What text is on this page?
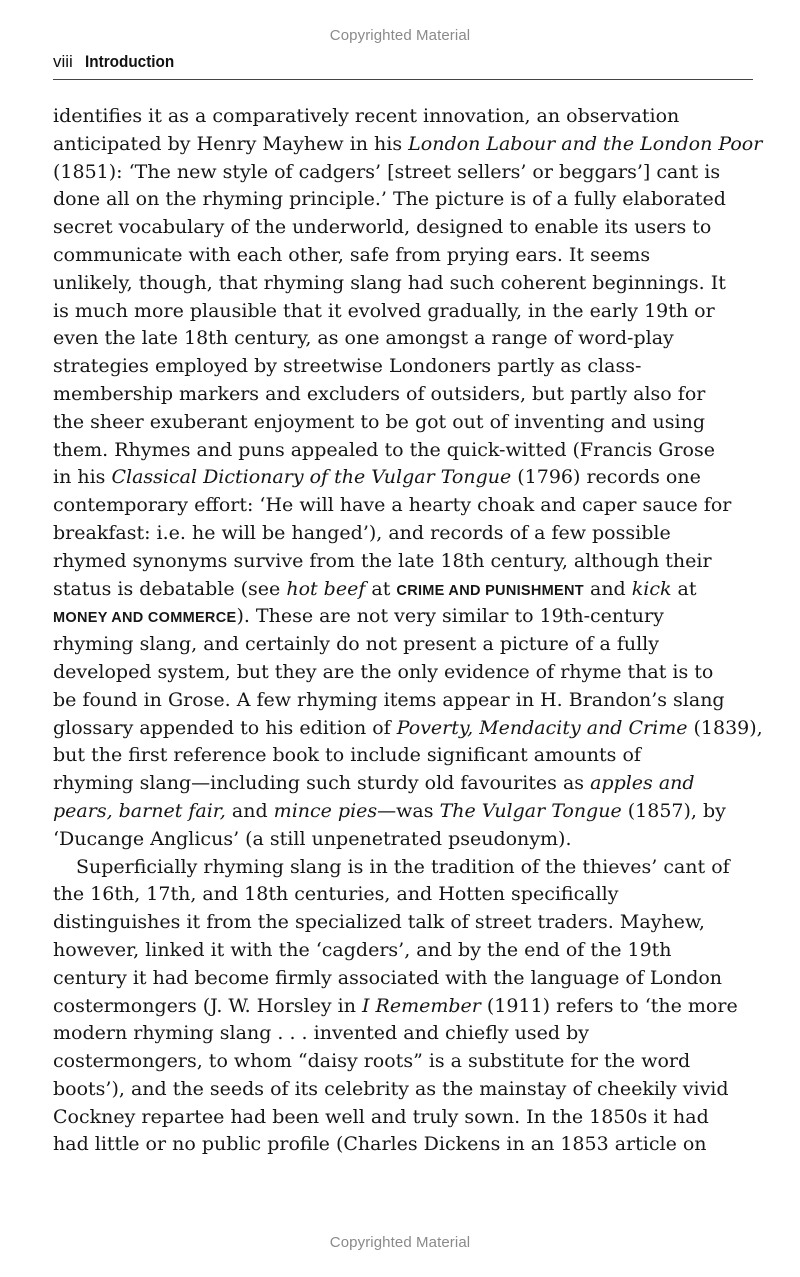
Copyrighted Material
viii Introduction
identifies it as a comparatively recent innovation, an observation
anticipated by Henry Mayhew in his London Labour and the London Poor
(1851): ‘The new style of cadgers’ [street sellers’ or beggars’] cant is
done all on the rhyming principle.’ The picture is of a fully elaborated
secret vocabulary of the underworld, designed to enable its users to
communicate with each other, safe from prying ears. It seems
unlikely, though, that rhyming slang had such coherent beginnings. It
is much more plausible that it evolved gradually, in the early 19th or
even the late 18th century, as one amongst a range of word-play
strategies employed by streetwise Londoners partly as class-
membership markers and excluders of outsiders, but partly also for
the sheer exuberant enjoyment to be got out of inventing and using
them. Rhymes and puns appealed to the quick-witted (Francis Grose
in his Classical Dictionary of the Vulgar Tongue (1796) records one
contemporary effort: ‘He will have a hearty choak and caper sauce for
breakfast: i.e. he will be hanged’), and records of a few possible
rhymed synonyms survive from the late 18th century, although their
status is debatable (see hot beef at CRIME AND PUNISHMENT and kick at
MONEY AND COMMERCE). These are not very similar to 19th-century
rhyming slang, and certainly do not present a picture of a fully
developed system, but they are the only evidence of rhyme that is to
be found in Grose. A few rhyming items appear in H. Brandon’s slang
glossary appended to his edition of Poverty, Mendacity and Crime (1839),
but the first reference book to include significant amounts of
rhyming slang—including such sturdy old favourites as apples and
pears, barnet fair, and mince pies—was The Vulgar Tongue (1857), by
‘Ducange Anglicus’ (a still unpenetrated pseudonym).
Superficially rhyming slang is in the tradition of the thieves’ cant of
the 16th, 17th, and 18th centuries, and Hotten specifically
distinguishes it from the specialized talk of street traders. Mayhew,
however, linked it with the ‘cagders’, and by the end of the 19th
century it had become firmly associated with the language of London
costermongers (J. W. Horsley in I Remember (1911) refers to ‘the more
modern rhyming slang . . . invented and chiefly used by
costermongers, to whom “daisy roots” is a substitute for the word
boots’), and the seeds of its celebrity as the mainstay of cheekily vivid
Cockney repartee had been well and truly sown. In the 1850s it had
had little or no public profile (Charles Dickens in an 1853 article on
Copyrighted Material
